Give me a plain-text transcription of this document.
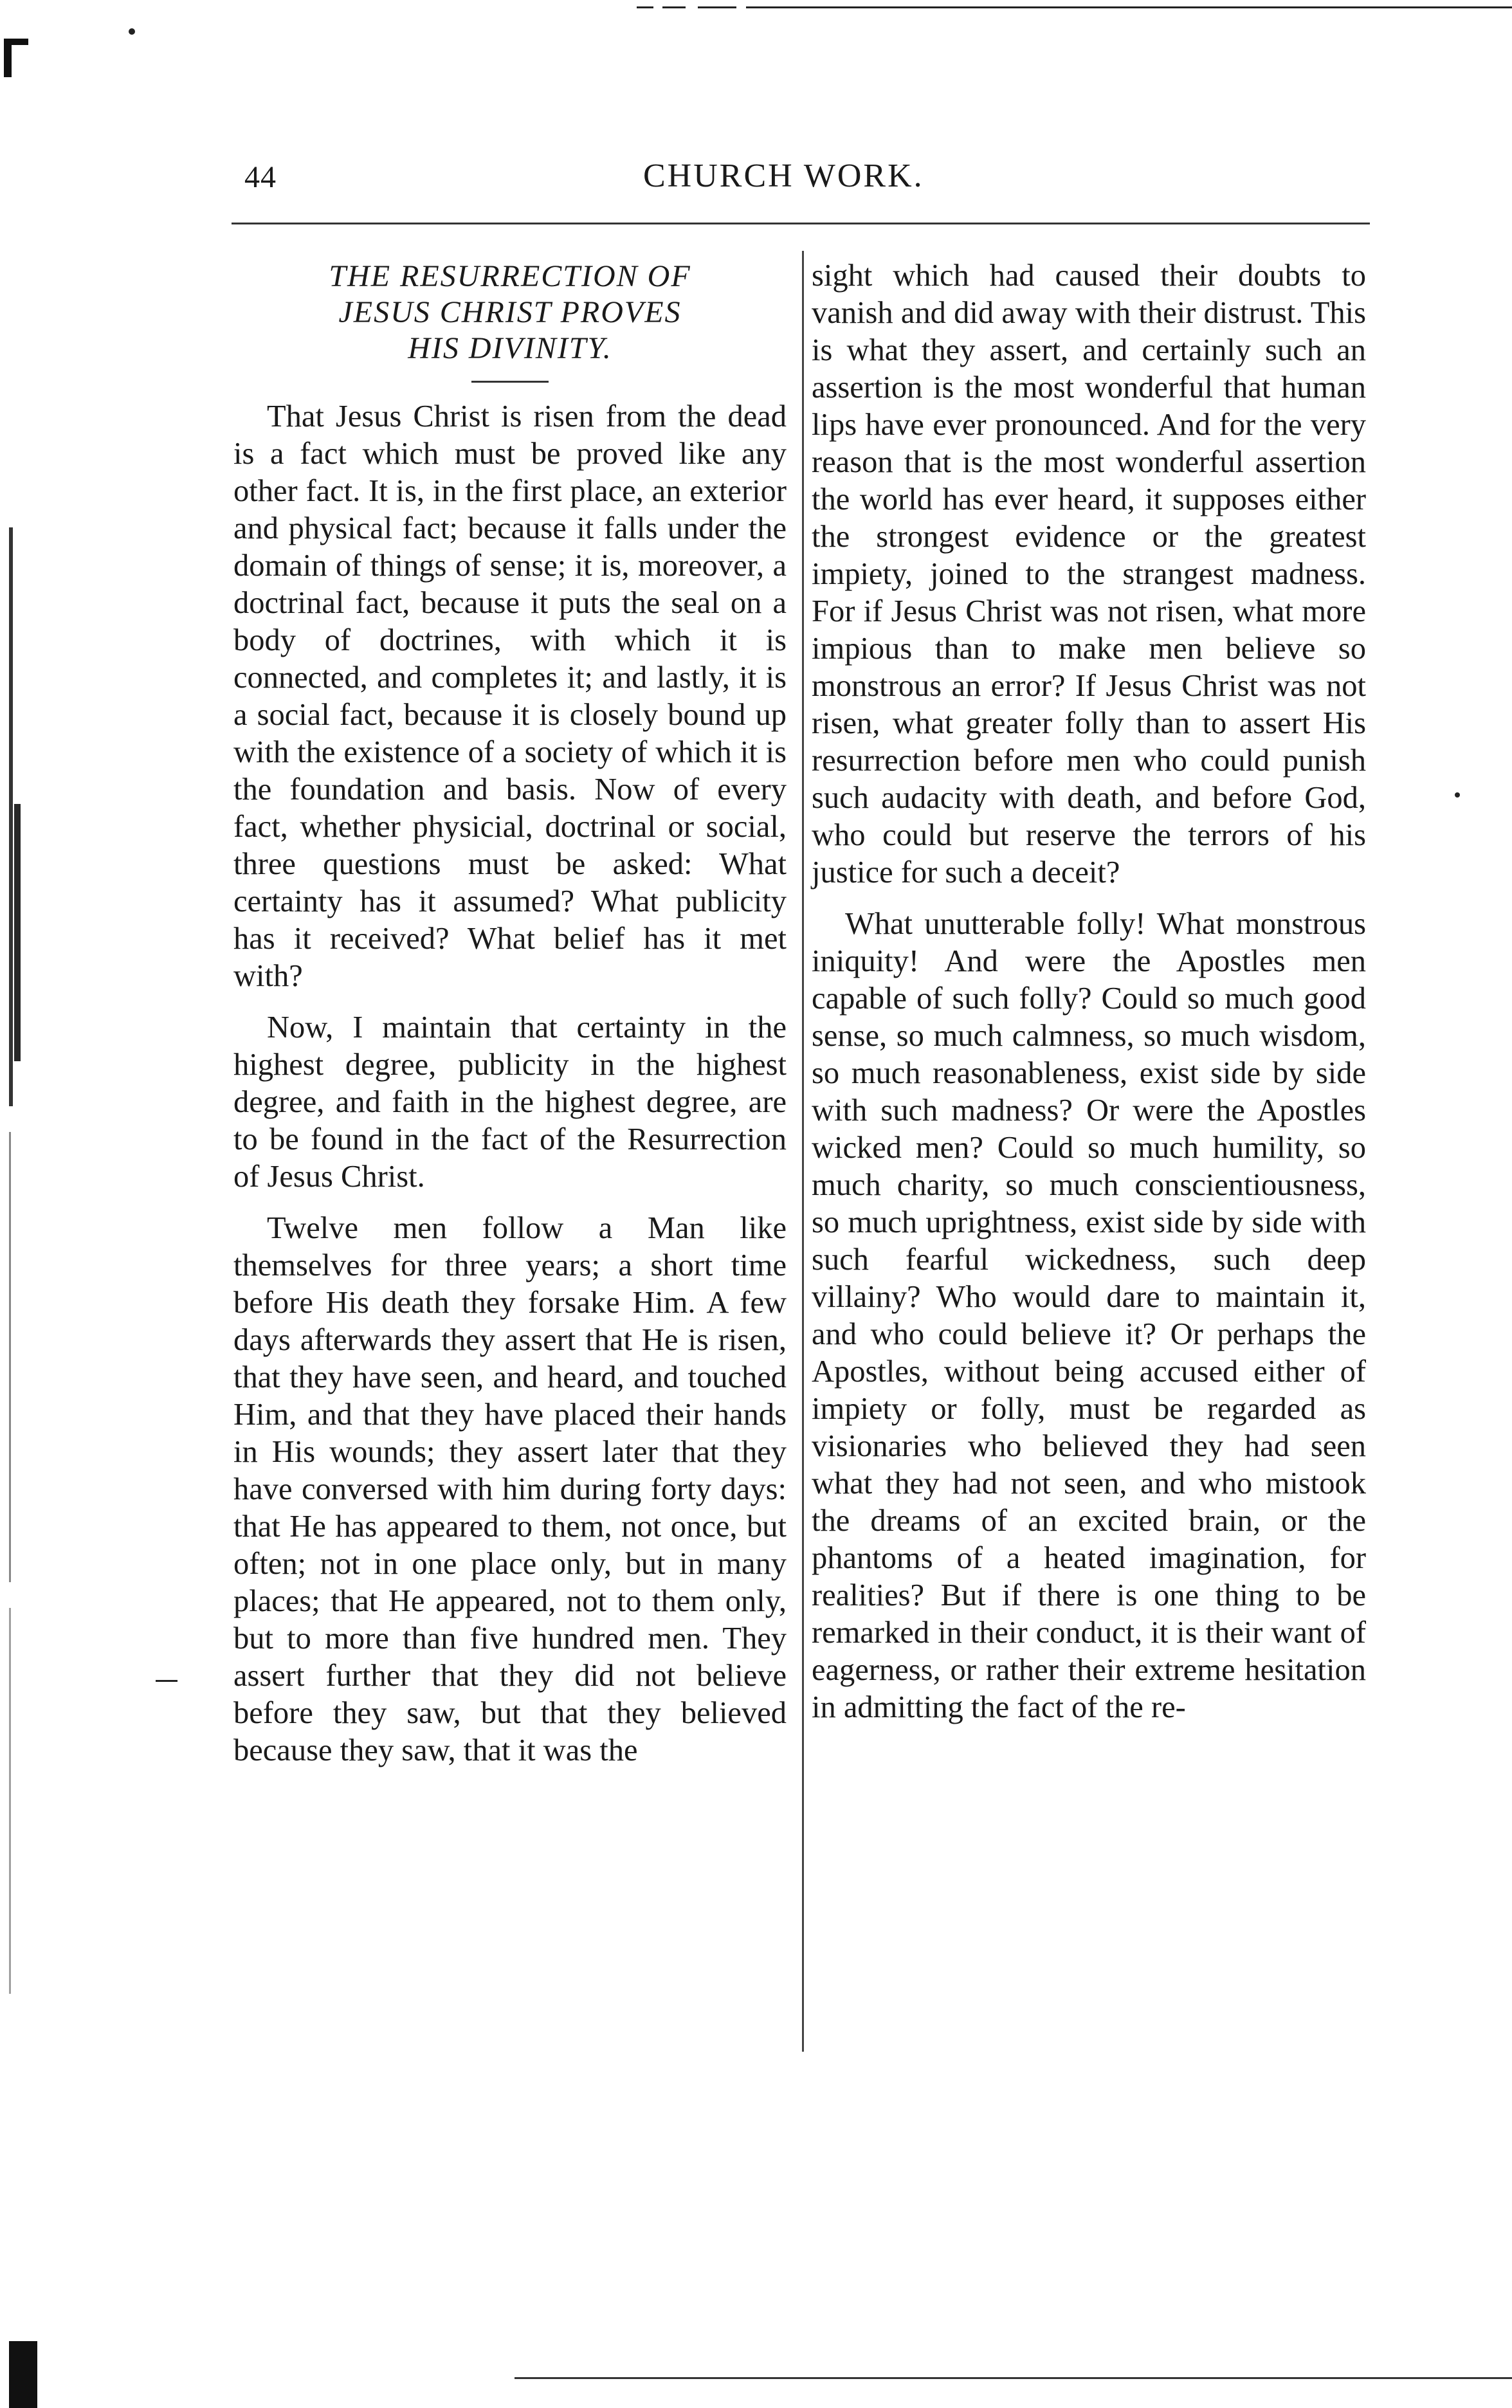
44	CHURCH WORK.
THE RESURRECTION OF
JESUS CHRIST PROVES
HIS DIVINITY.

That Jesus Christ is risen from the dead is a fact which must be proved like any other fact. It is, in the first place, an exterior and physical fact; because it falls under the domain of things of sense; it is, moreover, a doctrinal fact, because it puts the seal on a body of doctrines, with which it is connected, and completes it; and lastly, it is a social fact, because it is closely bound up with the existence of a society of which it is the foundation and basis. Now of every fact, whether physicial, doctrinal or social, three questions must be asked: What certainty has it assumed? What publicity has it received? What belief has it met with?

Now, I maintain that certainty in the highest degree, publicity in the highest degree, and faith in the highest degree, are to be found in the fact of the Resurrection of Jesus Christ.

Twelve men follow a Man like themselves for three years; a short time before His death they forsake Him. A few days afterwards they assert that He is risen, that they have seen, and heard, and touched Him, and that they have placed their hands in His wounds; they assert later that they have conversed with him during forty days: that He has appeared to them, not once, but often; not in one place only, but in many places; that He appeared, not to them only, but to more than five hundred men. They assert further that they did not believe before they saw, but that they believed because they saw, that it was the

sight which had caused their doubts to vanish and did away with their distrust. This is what they assert, and certainly such an assertion is the most wonderful that human lips have ever pronounced. And for the very reason that is the most wonderful assertion the world has ever heard, it supposes either the strongest evidence or the greatest impiety, joined to the strangest madness. For if Jesus Christ was not risen, what more impious than to make men believe so monstrous an error? If Jesus Christ was not risen, what greater folly than to assert His resurrection before men who could punish such audacity with death, and before God, who could but reserve the terrors of his justice for such a deceit?

What unutterable folly! What monstrous iniquity! And were the Apostles men capable of such folly? Could so much good sense, so much calmness, so much wisdom, so much reasonableness, exist side by side with such madness? Or were the Apostles wicked men? Could so much humility, so much charity, so much conscientiousness, so much uprightness, exist side by side with such fearful wickedness, such deep villainy? Who would dare to maintain it, and who could believe it? Or perhaps the Apostles, without being accused either of impiety or folly, must be regarded as visionaries who believed they had seen what they had not seen, and who mistook the dreams of an excited brain, or the phantoms of a heated imagination, for realities? But if there is one thing to be remarked in their conduct, it is their want of eagerness, or rather their extreme hesitation in admitting the fact of the re-
